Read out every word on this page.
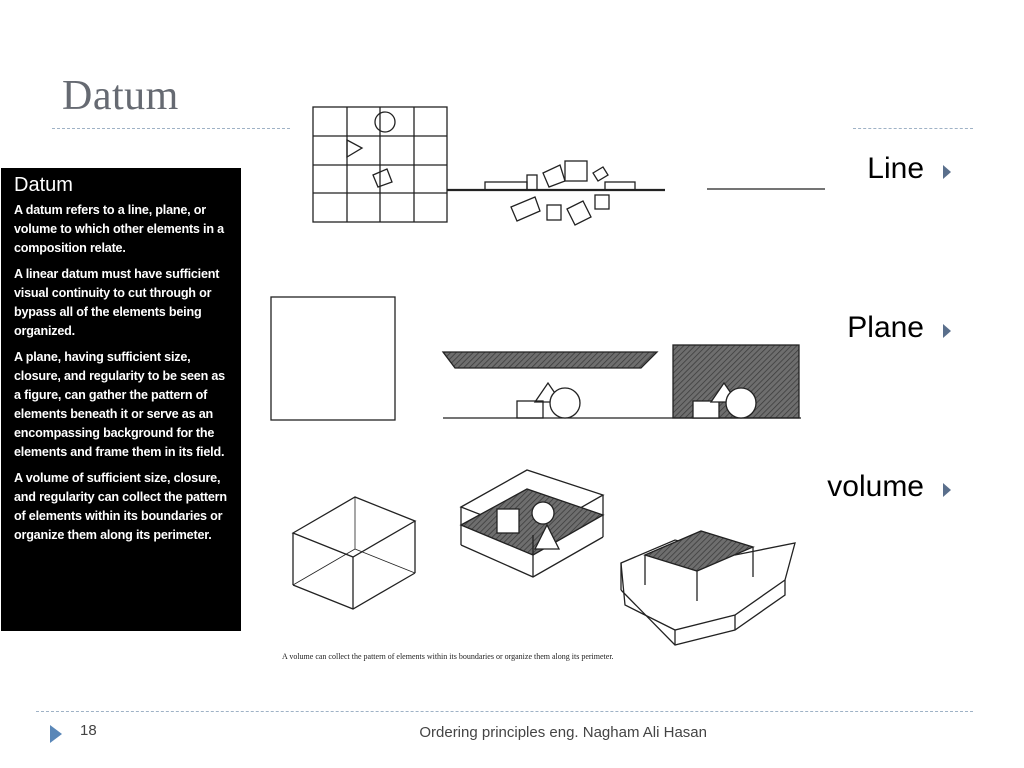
Datum
Datum

A datum refers to a line, plane, or volume to which other elements in a composition relate.

A linear datum must have sufficient visual continuity to cut through or bypass all of the elements being organized.

A plane, having sufficient size, closure, and regularity to be seen as a figure, can gather the pattern of elements beneath it or serve as an encompassing background for the elements and frame them in its field.

A volume of sufficient size, closure, and regularity can collect the pattern of elements within its boundaries or organize them along its perimeter.

A volume can collect the pattern of elements within its boundaries or organize them along its perimeter.
Line
Plane
volume
18	Ordering principles eng. Nagham Ali Hasan
